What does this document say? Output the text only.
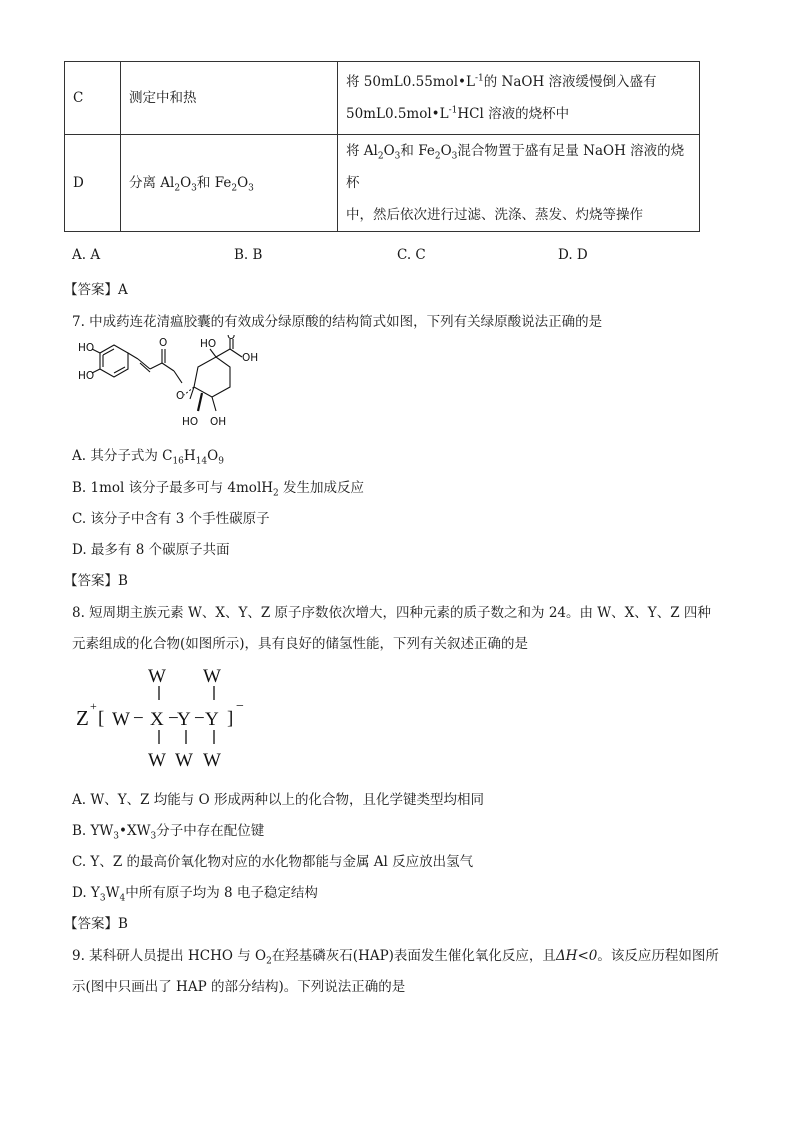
C	测定中和热	将 $50mL0.55mol•L^{-1}$的 NaOH 溶液缓慢倒入盛有
$50mL0.5mol•L^{-1}HCl$ 溶液的烧杯中

D	分离 $Al_2O_3$和 $Fe_2O_3$	将 $Al_2O_3$和 $Fe_2O_3$混合物置于盛有足量 NaOH 溶液的烧杯
中，然后依次进行过滤、洗涤、蒸发、灼烧等操作
A. A	B. B	C. C	D. D
【答案】A
7. 中成药连花清瘟胶囊的有效成分绿原酸的结构简式如图，下列有关绿原酸说法正确的是
HO
HO
O
O
HO
O
OH
HO OH
A. 其分子式为 $C_{16}H_{14}O_9$
B. 1mol 该分子最多可与 4molH$_2$ 发生加成反应
C. 该分子中含有 3 个手性碳原子
D. 最多有 8 个碳原子共面
【答案】B
8. 短周期主族元素 W、X、Y、Z 原子序数依次增大，四种元素的质子数之和为 24。由 W、X、Y、Z 四种
元素组成的化合物(如图所示)，具有良好的储氢性能，下列有关叙述正确的是
Z +
[ W − X −
Y − Y ]
−
W W
W W W
A. W、Y、Z 均能与 O 形成两种以上的化合物，且化学键类型均相同
B. $YW_3•XW_3$分子中存在配位键
C. Y、Z 的最高价氧化物对应的水化物都能与金属 Al 反应放出氢气
D. $Y_3W_4$中所有原子均为 8 电子稳定结构
【答案】B
9. 某科研人员提出 HCHO 与 $O_2$在羟基磷灰石(HAP)表面发生催化氧化反应，且ΔH<0。该反应历程如图所
示(图中只画出了 HAP 的部分结构)。下列说法正确的是
